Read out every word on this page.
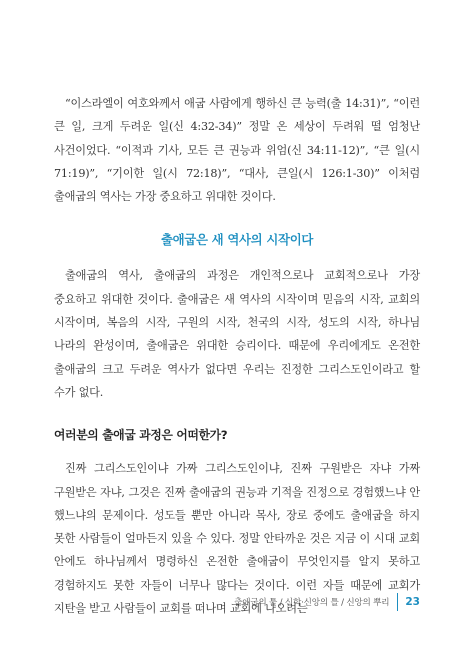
“이스라엘이 여호와께서 애굽 사람에게 행하신 큰 능력(출 14:31)”, “이런 큰 일, 크게 두려운 일(신 4:32-34)” 정말 온 세상이 두려워 떨 엄청난 사건이었다. “이적과 기사, 모든 큰 권능과 위엄(신 34:11-12)”, “큰 일(시 71:19)”, “기이한 일(시 72:18)”, “대사, 큰일(시 126:1-30)” 이처럼 출애굽의 역사는 가장 중요하고 위대한 것이다.

출애굽은 새 역사의 시작이다

출애굽의 역사, 출애굽의 과정은 개인적으로나 교회적으로나 가장 중요하고 위대한 것이다. 출애굽은 새 역사의 시작이며 믿음의 시작, 교회의 시작이며, 복음의 시작, 구원의 시작, 천국의 시작, 성도의 시작, 하나님 나라의 완성이며, 출애굽은 위대한 승리이다. 때문에 우리에게도 온전한 출애굽의 크고 두려운 역사가 없다면 우리는 진정한 그리스도인이라고 할 수가 없다.

여러분의 출애굽 과정은 어떠한가?

진짜 그리스도인이냐 가짜 그리스도인이냐, 진짜 구원받은 자냐 가짜 구원받은 자냐, 그것은 진짜 출애굽의 권능과 기적을 진정으로 경험했느냐 안 했느냐의 문제이다. 성도들 뿐만 아니라 목사, 장로 중에도 출애굽을 하지 못한 사람들이 얼마든지 있을 수 있다. 정말 안타까운 것은 지금 이 시대 교회 안에도 하나님께서 명령하신 온전한 출애굽이 무엇인지를 알지 못하고 경험하지도 못한 자들이 너무나 많다는 것이다. 이런 자들 때문에 교회가 지탄을 받고 사람들이 교회를 떠나며 교회에 나오려는

출애굽의 틀 / 신학·신앙의 틀 / 신앙의 뿌리 23
